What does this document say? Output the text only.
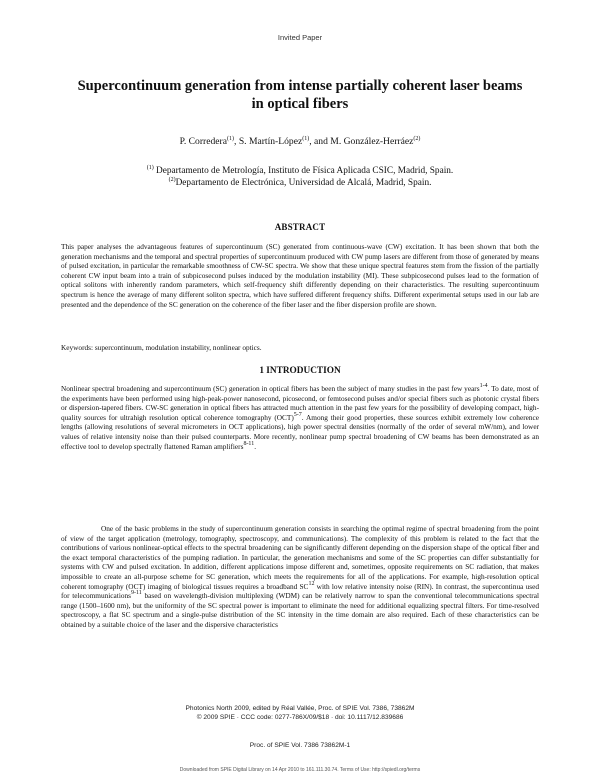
Invited Paper
Supercontinuum generation from intense partially coherent laser beams in optical fibers
P. Corredera$^{(1)}$, S. Martín-López$^{(1)}$, and M. González-Herráez$^{(2)}$
$^{(1)}$ Departamento de Metrología, Instituto de Física Aplicada CSIC, Madrid, Spain.
$^{(2)}$Departamento de Electrónica, Universidad de Alcalá, Madrid, Spain.
ABSTRACT
This paper analyses the advantageous features of supercontinuum (SC) generated from continuous-wave (CW) excitation. It has been shown that both the generation mechanisms and the temporal and spectral properties of supercontinuum produced with CW pump lasers are different from those of generated by means of pulsed excitation, in particular the remarkable smoothness of CW-SC spectra. We show that these unique spectral features stem from the fission of the partially coherent CW input beam into a train of subpicosecond pulses induced by the modulation instability (MI). These subpicosecond pulses lead to the formation of optical solitons with inherently random parameters, which self-frequency shift differently depending on their characteristics. The resulting supercontinuum spectrum is hence the average of many different soliton spectra, which have suffered different frequency shifts. Different experimental setups used in our lab are presented and the dependence of the SC generation on the coherence of the fiber laser and the fiber dispersion profile are shown.
Keywords: supercontinuum, modulation instability, nonlinear optics.
1 INTRODUCTION
Nonlinear spectral broadening and supercontinuum (SC) generation in optical fibers has been the subject of many studies in the past few years$^{1-4}$. To date, most of the experiments have been performed using high-peak-power nanosecond, picosecond, or femtosecond pulses and/or special fibers such as photonic crystal fibers or dispersion-tapered fibers. CW-SC generation in optical fibers has attracted much attention in the past few years for the possibility of developing compact, high-quality sources for ultrahigh resolution optical coherence tomography (OCT)$^{5-7}$. Among their good properties, these sources exhibit extremely low coherence lengths (allowing resolutions of several micrometers in OCT applications), high power spectral densities (normally of the order of several mW/nm), and lower values of relative intensity noise than their pulsed counterparts. More recently, nonlinear pump spectral broadening of CW beams has been demonstrated as an effective tool to develop spectrally flattened Raman amplifiers$^{8-11}$.
One of the basic problems in the study of supercontinuum generation consists in searching the optimal regime of spectral broadening from the point of view of the target application (metrology, tomography, spectroscopy, and communications). The complexity of this problem is related to the fact that the contributions of various nonlinear-optical effects to the spectral broadening can be significantly different depending on the dispersion shape of the optical fiber and the exact temporal characteristics of the pumping radiation. In particular, the generation mechanisms and some of the SC properties can differ substantially for systems with CW and pulsed excitation. In addition, different applications impose different and, sometimes, opposite requirements on SC radiation, that makes impossible to create an all-purpose scheme for SC generation, which meets the requirements for all of the applications. For example, high-resolution optical coherent tomography (OCT) imaging of biological tissues requires a broadband SC$^{12}$ with low relative intensity noise (RIN). In contrast, the supercontinua used for telecommunications$^{9-11}$ based on wavelength-division multiplexing (WDM) can be relatively narrow to span the conventional telecommunications spectral range (1500–1600 nm), but the uniformity of the SC spectral power is important to eliminate the need for additional equalizing spectral filters. For time-resolved spectroscopy, a flat SC spectrum and a single-pulse distribution of the SC intensity in the time domain are also required. Each of these characteristics can be obtained by a suitable choice of the laser and the dispersive characteristics
Photonics North 2009, edited by Réal Vallée, Proc. of SPIE Vol. 7386, 73862M
© 2009 SPIE · CCC code: 0277-786X/09/$18 · doi: 10.1117/12.839686
Proc. of SPIE Vol. 7386 73862M-1
Downloaded from SPIE Digital Library on 14 Apr 2010 to 161.111.30.74. Terms of Use: http://spiedl.org/terms
